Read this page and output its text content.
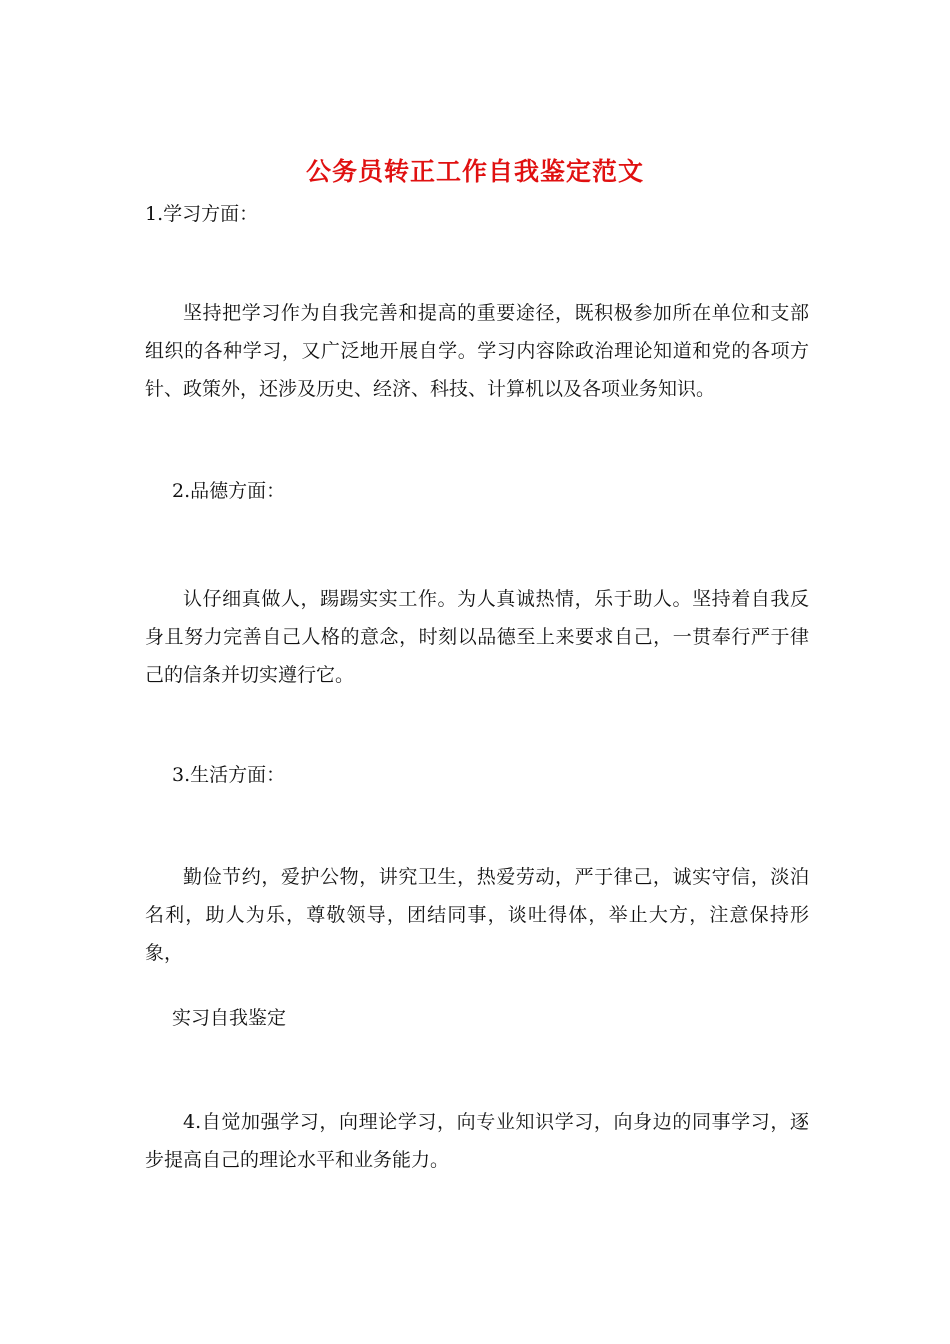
公务员转正工作自我鉴定范文
1.学习方面：

坚持把学习作为自我完善和提高的重要途径，既积极参加所在单位和支部组织的各种学习，又广泛地开展自学。学习内容除政治理论知道和党的各项方针、政策外，还涉及历史、经济、科技、计算机以及各项业务知识。

2.品德方面：

认仔细真做人，踼踼实实工作。为人真诚热情，乐于助人。坚持着自我反身且努力完善自己人格的意念，时刻以品德至上来要求自己，一贯奉行严于律己的信条并切实遵行它。

3.生活方面：

勤俭节约，爱护公物，讲究卫生，热爱劳动，严于律己，诚实守信，淡泊名利，助人为乐，尊敬领导，团结同事，谈吐得体，举止大方，注意保持形象，

实习自我鉴定

4.自觉加强学习，向理论学习，向专业知识学习，向身边的同事学习，逐步提高自己的理论水平和业务能力。
